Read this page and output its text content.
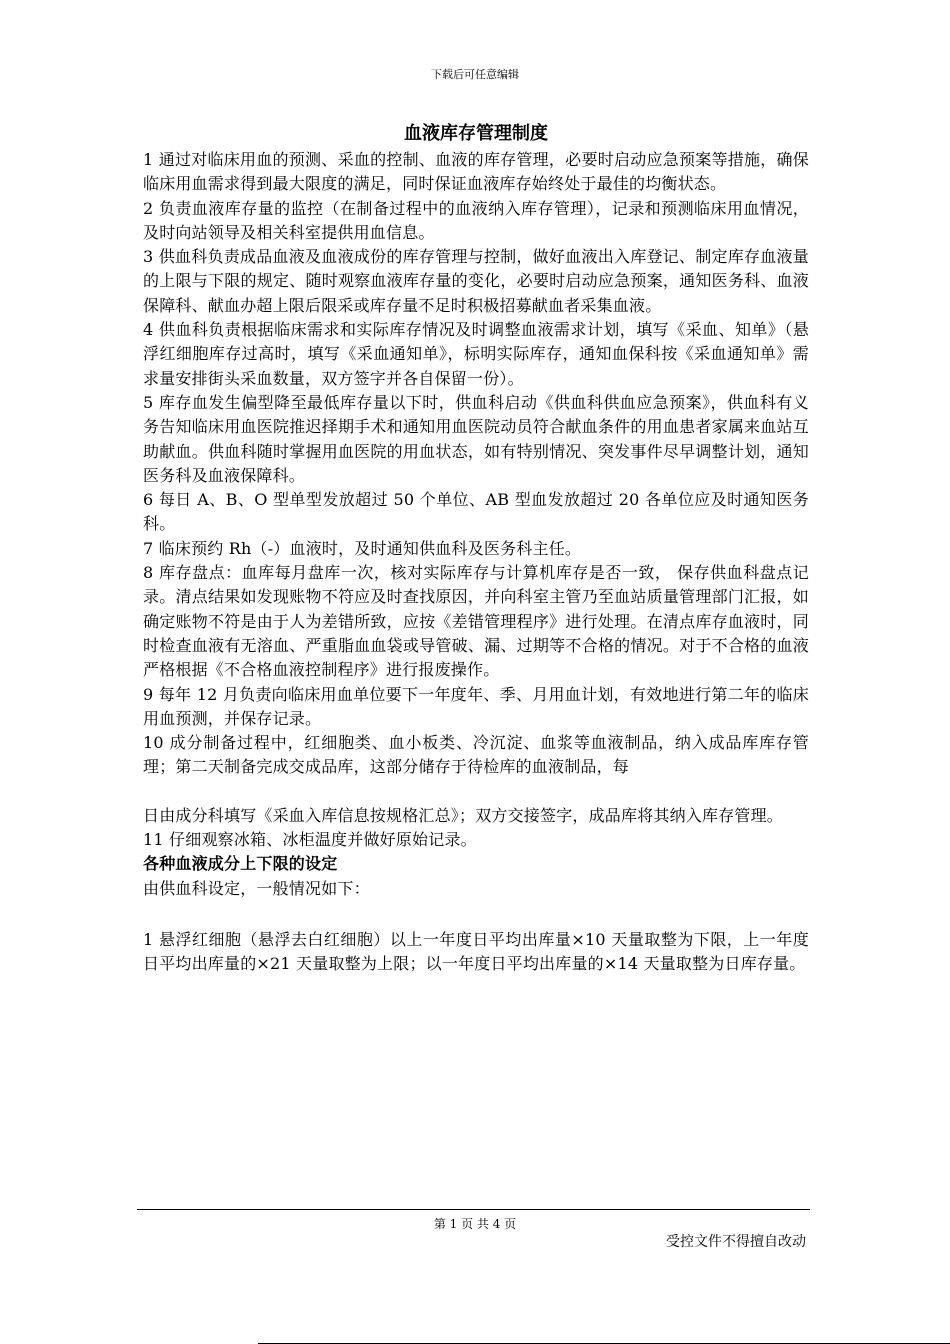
下载后可任意编辑

血液库存管理制度

1 通过对临床用血的预测、采血的控制、血液的库存管理，必要时启动应急预案等措施，确保临床用血需求得到最大限度的满足，同时保证血液库存始终处于最佳的均衡状态。

2 负责血液库存量的监控（在制备过程中的血液纳入库存管理），记录和预测临床用血情况，及时向站领导及相关科室提供用血信息。

3 供血科负责成品血液及血液成份的库存管理与控制，做好血液出入库登记、制定库存血液量的上限与下限的规定、随时观察血液库存量的变化，必要时启动应急预案，通知医务科、血液保障科、献血办超上限后限采或库存量不足时积极招募献血者采集血液。

4 供血科负责根据临床需求和实际库存情况及时调整血液需求计划，填写《采血、知单》（悬浮红细胞库存过高时，填写《采血通知单》，标明实际库存，通知血保科按《采血通知单》需求量安排街头采血数量，双方签字并各自保留一份）。

5 库存血发生偏型降至最低库存量以下时，供血科启动《供血科供血应急预案》，供血科有义务告知临床用血医院推迟择期手术和通知用血医院动员符合献血条件的用血患者家属来血站互助献血。供血科随时掌握用血医院的用血状态，如有特别情况、突发事件尽早调整计划，通知医务科及血液保障科。

6 每日 A、B、O 型单型发放超过 50 个单位、AB 型血发放超过 20 各单位应及时通知医务科。

7 临床预约 Rh（-）血液时，及时通知供血科及医务科主任。

8 库存盘点：血库每月盘库一次，核对实际库存与计算机库存是否一致， 保存供血科盘点记录。清点结果如发现账物不符应及时查找原因，并向科室主管乃至血站质量管理部门汇报，如确定账物不符是由于人为差错所致，应按《差错管理程序》进行处理。在清点库存血液时，同时检查血液有无溶血、严重脂血血袋或导管破、漏、过期等不合格的情况。对于不合格的血液严格根据《不合格血液控制程序》进行报废操作。

9 每年 12 月负责向临床用血单位要下一年度年、季、月用血计划，有效地进行第二年的临床用血预测，并保存记录。

10 成分制备过程中，红细胞类、血小板类、冷沉淀、血浆等血液制品，纳入成品库库存管理；第二天制备完成交成品库，这部分储存于待检库的血液制品，每

日由成分科填写《采血入库信息按规格汇总》；双方交接签字，成品库将其纳入库存管理。

11 仔细观察冰箱、冰柜温度并做好原始记录。

各种血液成分上下限的设定

由供血科设定，一般情况如下：

1 悬浮红细胞（悬浮去白红细胞）以上一年度日平均出库量×10 天量取整为下限，上一年度日平均出库量的×21 天量取整为上限；以一年度日平均出库量的×14 天量取整为日库存量。

第 1 页 共 4 页
受控文件不得擅自改动
